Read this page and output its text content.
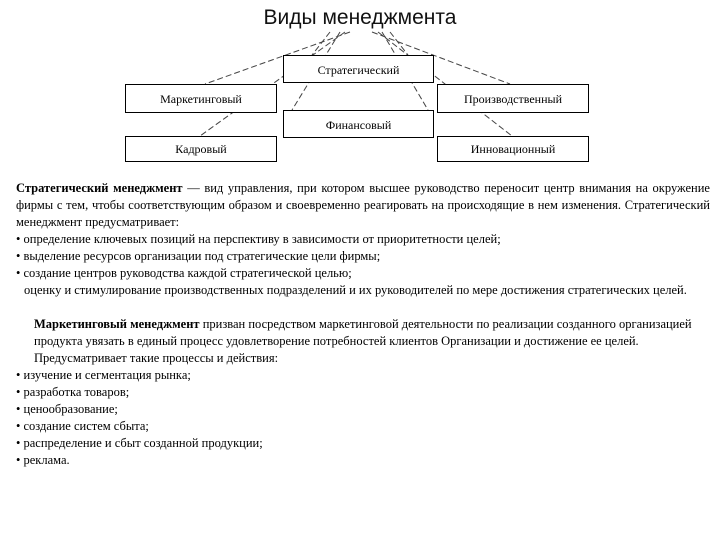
Виды менеджмента
Стратегический
Маркетинговый	Производственный
Финансовый
Кадровый	Инновационный

Стратегический менеджмент — вид управления, при котором высшее руководство переносит центр внимания на окружение фирмы с тем, чтобы соответствующим образом и своевременно реагировать на происходящие в нем изменения. Стратегический менеджмент предусматривает:

• определение ключевых позиций на перспективу в зависимости от приоритетности целей;

• выделение ресурсов организации под стратегические цели фирмы;

• создание центров руководства каждой стратегической целью;

оценку и стимулирование производственных подразделений и их руководителей по мере достижения стратегических целей.

Маркетинговый менеджмент призван посредством маркетинговой деятельности по реализации созданного организацией продукта увязать в единый процесс удовлетворение потребностей клиентов Организации и достижение ее целей. Предусматривает такие процессы и действия:

• изучение и сегментация рынка;

• разработка товаров;

• ценообразование;

• создание систем сбыта;

• распределение и сбыт созданной продукции;

• реклама.
